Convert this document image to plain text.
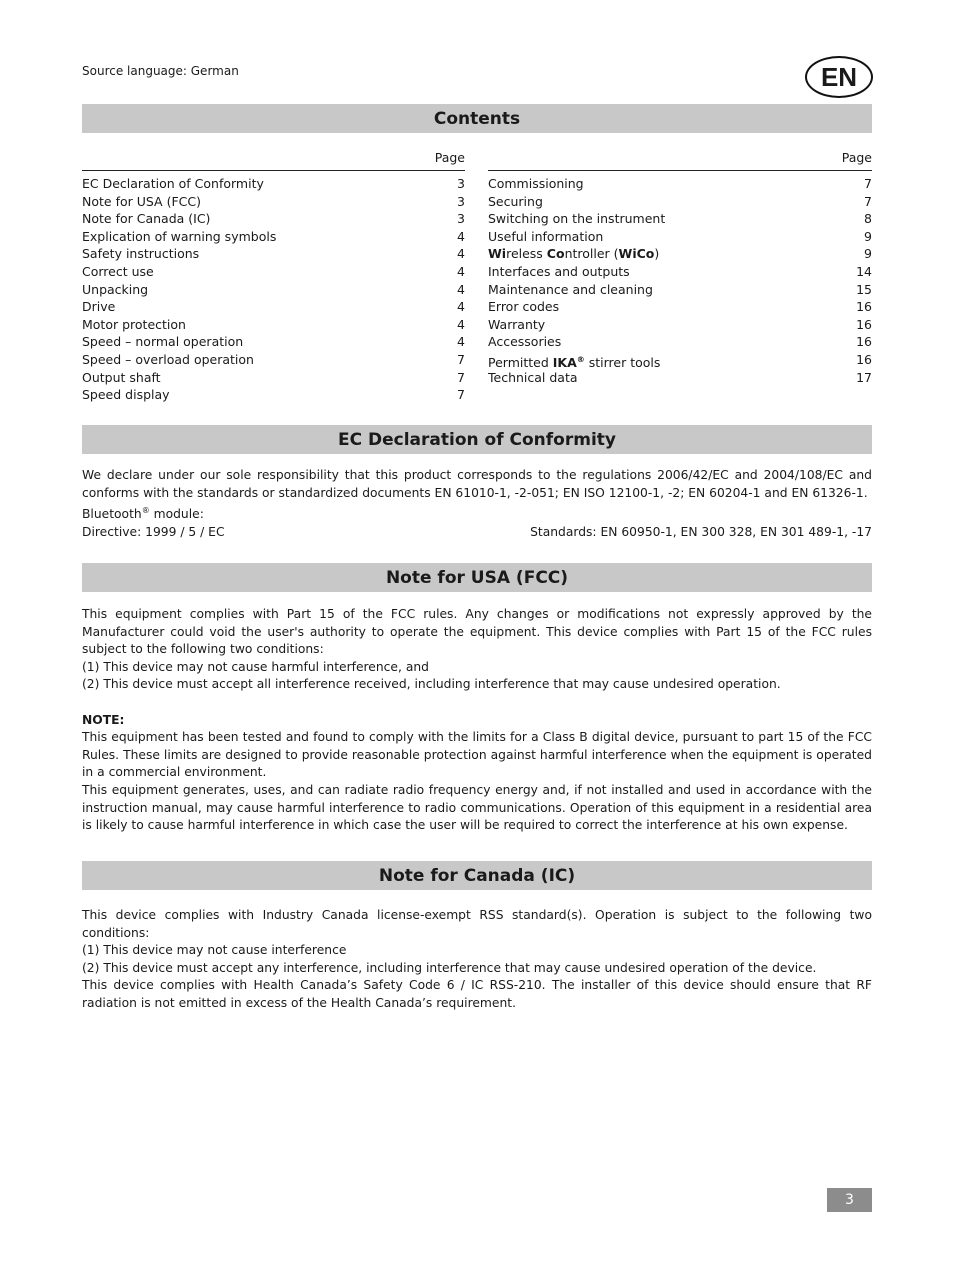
Source language: German	EN
Contents
Page
EC Declaration of Conformity	3
Note for USA (FCC)	3
Note for Canada (IC)	3
Explication of warning symbols	4
Safety instructions	4
Correct use	4
Unpacking	4
Drive	4
Motor protection	4
Speed – normal operation	4
Speed – overload operation	7
Output shaft	7
Speed display	7
Page
Commissioning	7
Securing	7
Switching on the instrument	8
Useful information	9
Wireless Controller (WiCo)	9
Interfaces and outputs	14
Maintenance and cleaning	15
Error codes	16
Warranty	16
Accessories	16
Permitted IKA® stirrer tools	16
Technical data	17
EC Declaration of Conformity

We declare under our sole responsibility that this product corresponds to the regulations 2006/42/EC and 2004/108/EC and conforms with the standards or standardized documents EN 61010-1, -2-051; EN ISO 12100-1, -2; EN 60204-1 and EN 61326-1.

Bluetooth® module:

Directive: 1999 / 5 / EC	Standards: EN 60950-1, EN 300 328, EN 301 489-1, -17
Note for USA (FCC)

This equipment complies with Part 15 of the FCC rules. Any changes or modifications not expressly approved by the Manufacturer could void the user's authority to operate the equipment. This device complies with Part 15 of the FCC rules subject to the following two conditions:

(1) This device may not cause harmful interference, and

(2) This device must accept all interference received, including interference that may cause undesired operation.

NOTE:

This equipment has been tested and found to comply with the limits for a Class B digital device, pursuant to part 15 of the FCC Rules. These limits are designed to provide reasonable protection against harmful interference when the equipment is operated in a commercial environment.

This equipment generates, uses, and can radiate radio frequency energy and, if not installed and used in accordance with the instruction manual, may cause harmful interference to radio communications. Operation of this equipment in a residential area is likely to cause harmful interference in which case the user will be required to correct the interference at his own expense.

Note for Canada (IC)

This device complies with Industry Canada license-exempt RSS standard(s). Operation is subject to the following two conditions:

(1) This device may not cause interference

(2) This device must accept any interference, including interference that may cause undesired operation of the device.

This device complies with Health Canada’s Safety Code 6 / IC RSS-210. The installer of this device should ensure that RF radiation is not emitted in excess of the Health Canada’s requirement.

3
